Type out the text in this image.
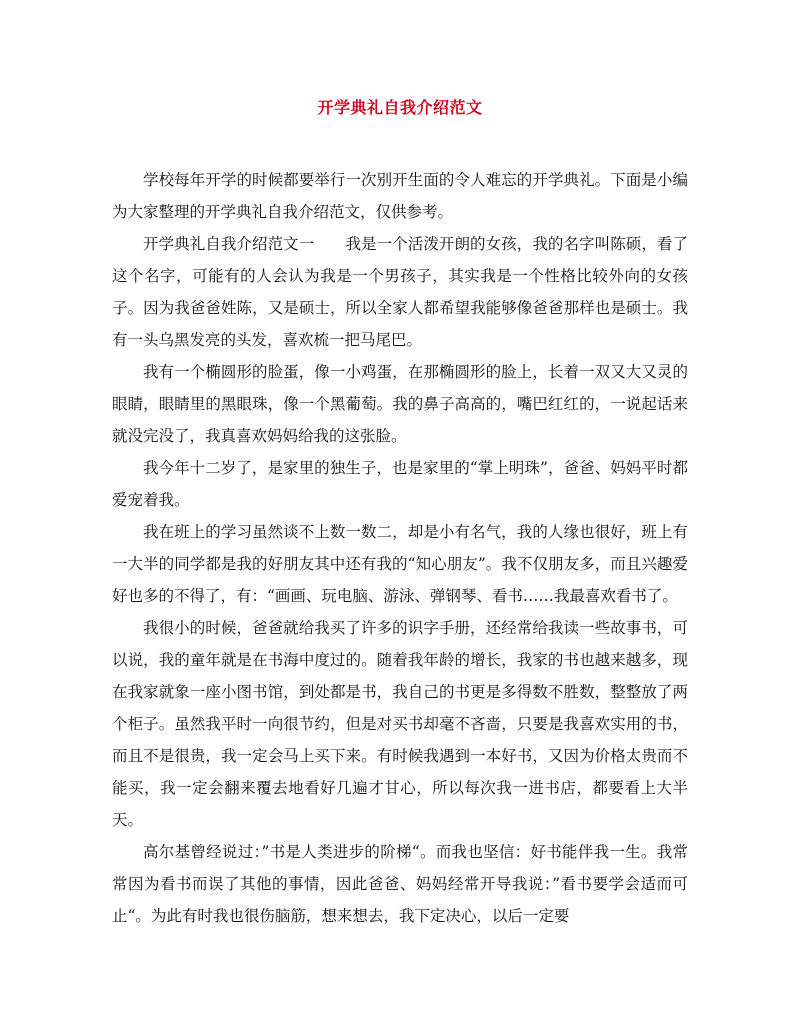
开学典礼自我介绍范文

学校每年开学的时候都要举行一次别开生面的令人难忘的开学典礼。下面是小编为大家整理的开学典礼自我介绍范文，仅供参考。

开学典礼自我介绍范文一　　我是一个活泼开朗的女孩，我的名字叫陈硕，看了这个名字，可能有的人会认为我是一个男孩子，其实我是一个性格比较外向的女孩子。因为我爸爸姓陈，又是硕士，所以全家人都希望我能够像爸爸那样也是硕士。我有一头乌黑发亮的头发，喜欢梳一把马尾巴。

我有一个椭圆形的脸蛋，像一小鸡蛋，在那椭圆形的脸上，长着一双又大又灵的眼睛，眼睛里的黑眼珠，像一个黑葡萄。我的鼻子高高的，嘴巴红红的，一说起话来就没完没了，我真喜欢妈妈给我的这张脸。

我今年十二岁了，是家里的独生子，也是家里的“掌上明珠”，爸爸、妈妈平时都爱宠着我。

我在班上的学习虽然谈不上数一数二，却是小有名气，我的人缘也很好，班上有一大半的同学都是我的好朋友其中还有我的“知心朋友”。我不仅朋友多，而且兴趣爱好也多的不得了，有：“画画、玩电脑、游泳、弹钢琴、看书……我最喜欢看书了。

我很小的时候，爸爸就给我买了许多的识字手册，还经常给我读一些故事书，可以说，我的童年就是在书海中度过的。随着我年龄的增长，我家的书也越来越多，现在我家就象一座小图书馆，到处都是书，我自己的书更是多得数不胜数，整整放了两个柜子。虽然我平时一向很节约，但是对买书却毫不吝啬，只要是我喜欢实用的书，而且不是很贵，我一定会马上买下来。有时候我遇到一本好书，又因为价格太贵而不能买，我一定会翻来覆去地看好几遍才甘心，所以每次我一进书店，都要看上大半天。

高尔基曾经说过：”书是人类进步的阶梯“。而我也坚信：好书能伴我一生。我常常因为看书而误了其他的事情，因此爸爸、妈妈经常开导我说：”看书要学会适而可止“。为此有时我也很伤脑筋，想来想去，我下定决心，以后一定要
